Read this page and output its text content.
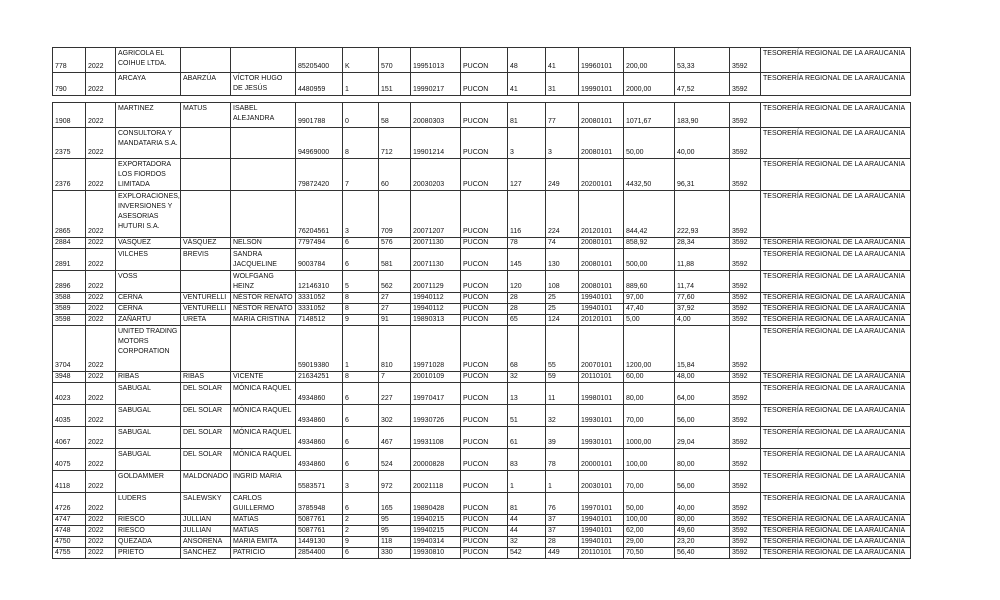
778	2022	AGRICOLA EL COIHUE LTDA.			85205400	K	570	19951013	PUCON	48	41	19960101	200,00	53,33	3592	TESORERÍA REGIONAL DE LA ARAUCANIA
790	2022	ARCAYA	ABARZÚA	VÍCTOR HUGO DE JESÚS	4480959	1	151	19990217	PUCON	41	31	19990101	2000,00	47,52	3592	TESORERÍA REGIONAL DE LA ARAUCANIA
1908	2022	MARTINEZ	MATUS	ISABEL ALEJANDRA	9901788	0	58	20080303	PUCON	81	77	20080101	1071,67	183,90	3592	TESORERÍA REGIONAL DE LA ARAUCANIA
2375	2022	CONSULTORA Y MANDATARIA S.A.			94969000	8	712	19901214	PUCON	3	3	20080101	50,00	40,00	3592	TESORERÍA REGIONAL DE LA ARAUCANIA
2376	2022	EXPORTADORA LOS FIORDOS LIMITADA			79872420	7	60	20030203	PUCON	127	249	20200101	4432,50	96,31	3592	TESORERÍA REGIONAL DE LA ARAUCANIA
2865	2022	EXPLORACIONES, INVERSIONES Y ASESORIAS HUTURI S.A.			76204561	3	709	20071207	PUCON	116	224	20120101	844,42	222,93	3592	TESORERÍA REGIONAL DE LA ARAUCANIA
2884	2022	VASQUEZ	VÁSQUEZ	NELSON	7797494	6	576	20071130	PUCON	78	74	20080101	858,92	28,34	3592	TESORERÍA REGIONAL DE LA ARAUCANIA
2891	2022	VILCHES	BREVIS	SANDRA JACQUELINE	9003784	6	581	20071130	PUCON	145	130	20080101	500,00	11,88	3592	TESORERÍA REGIONAL DE LA ARAUCANIA
2896	2022	VOSS		WOLFGANG HEINZ	12146310	5	562	20071129	PUCON	120	108	20080101	889,60	11,74	3592	TESORERÍA REGIONAL DE LA ARAUCANIA
3588	2022	CERNA	VENTURELLI	NÉSTOR RENATO	3331052	8	27	19940112	PUCON	28	25	19940101	97,00	77,60	3592	TESORERÍA REGIONAL DE LA ARAUCANIA
3589	2022	CERNA	VENTURELLI	NÉSTOR RENATO	3331052	8	27	19940112	PUCON	28	25	19940101	47,40	37,92	3592	TESORERÍA REGIONAL DE LA ARAUCANIA
3598	2022	ZAÑARTU	URETA	MARIA CRISTINA	7148512	9	91	19890313	PUCON	65	124	20120101	5,00	4,00	3592	TESORERÍA REGIONAL DE LA ARAUCANIA
3704	2022	UNITED TRADING MOTORS CORPORATION			59019380	1	810	19971028	PUCON	68	55	20070101	1200,00	15,84	3592	TESORERÍA REGIONAL DE LA ARAUCANIA
3948	2022	RIBAS	RIBAS	VICENTE	21634251	8	7	20010109	PUCON	32	59	20110101	60,00	48,00	3592	TESORERÍA REGIONAL DE LA ARAUCANIA
4023	2022	SABUGAL	DEL SOLAR	MÓNICA RAQUEL	4934860	6	227	19970417	PUCON	13	11	19980101	80,00	64,00	3592	TESORERÍA REGIONAL DE LA ARAUCANIA
4035	2022	SABUGAL	DEL SOLAR	MÓNICA RAQUEL	4934860	6	302	19930726	PUCON	51	32	19930101	70,00	56,00	3592	TESORERÍA REGIONAL DE LA ARAUCANIA
4067	2022	SABUGAL	DEL SOLAR	MÓNICA RAQUEL	4934860	6	467	19931108	PUCON	61	39	19930101	1000,00	29,04	3592	TESORERÍA REGIONAL DE LA ARAUCANIA
4075	2022	SABUGAL	DEL SOLAR	MÓNICA RAQUEL	4934860	6	524	20000828	PUCON	83	78	20000101	100,00	80,00	3592	TESORERÍA REGIONAL DE LA ARAUCANIA
4118	2022	GOLDAMMER	MALDONADO	INGRID MARIA	5583571	3	972	20021118	PUCON	1	1	20030101	70,00	56,00	3592	TESORERÍA REGIONAL DE LA ARAUCANIA
4726	2022	LUDERS	SALEWSKY	CARLOS GUILLERMO	3785948	6	165	19890428	PUCON	81	76	19970101	50,00	40,00	3592	TESORERÍA REGIONAL DE LA ARAUCANIA
4747	2022	RIESCO	JULLIAN	MATIAS	5087761	2	95	19940215	PUCON	44	37	19940101	100,00	80,00	3592	TESORERÍA REGIONAL DE LA ARAUCANIA
4748	2022	RIESCO	JULLIAN	MATIAS	5087761	2	95	19940215	PUCON	44	37	19940101	62,00	49,60	3592	TESORERÍA REGIONAL DE LA ARAUCANIA
4750	2022	QUEZADA	ANSORENA	MARIA EMITA	1449130	9	118	19940314	PUCON	32	28	19940101	29,00	23,20	3592	TESORERÍA REGIONAL DE LA ARAUCANIA
4755	2022	PRIETO	SANCHEZ	PATRICIO	2854400	6	330	19930810	PUCON	542	449	20110101	70,50	56,40	3592	TESORERÍA REGIONAL DE LA ARAUCANIA
